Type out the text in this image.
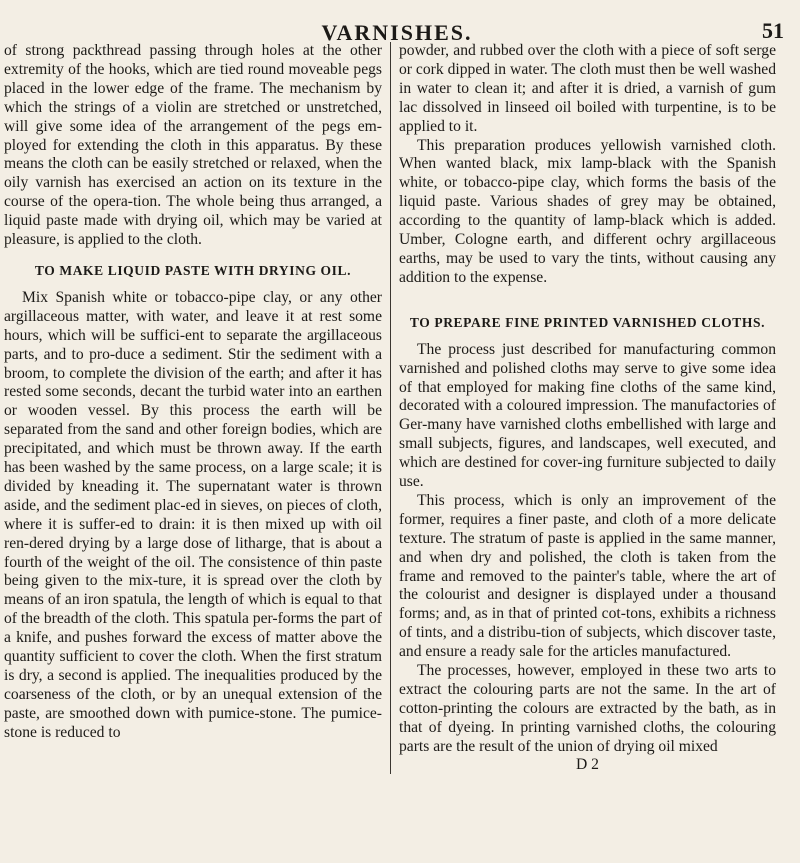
VARNISHES.	51

of strong packthread passing through holes at the other extremity of the hooks, which are tied round moveable pegs placed in the lower edge of the frame. The mechanism by which the strings of a violin are stretched or unstretched, will give some idea of the arrangement of the pegs em-ployed for extending the cloth in this apparatus. By these means the cloth can be easily stretched or relaxed, when the oily varnish has exercised an action on its texture in the course of the opera-tion. The whole being thus arranged, a liquid paste made with drying oil, which may be varied at pleasure, is applied to the cloth.

TO MAKE LIQUID PASTE WITH DRYING OIL.

Mix Spanish white or tobacco-pipe clay, or any other argillaceous matter, with water, and leave it at rest some hours, which will be suffici-ent to separate the argillaceous parts, and to pro-duce a sediment. Stir the sediment with a broom, to complete the division of the earth; and after it has rested some seconds, decant the turbid water into an earthen or wooden vessel. By this process the earth will be separated from the sand and other foreign bodies, which are precipitated, and which must be thrown away. If the earth has been washed by the same process, on a large scale; it is divided by kneading it. The supernatant water is thrown aside, and the sediment plac-ed in sieves, on pieces of cloth, where it is suffer-ed to drain: it is then mixed up with oil ren-dered drying by a large dose of litharge, that is about a fourth of the weight of the oil. The consistence of thin paste being given to the mix-ture, it is spread over the cloth by means of an iron spatula, the length of which is equal to that of the breadth of the cloth. This spatula per-forms the part of a knife, and pushes forward the excess of matter above the quantity sufficient to cover the cloth. When the first stratum is dry, a second is applied. The inequalities produced by the coarseness of the cloth, or by an unequal extension of the paste, are smoothed down with pumice-stone. The pumice-stone is reduced to

powder, and rubbed over the cloth with a piece of soft serge or cork dipped in water. The cloth must then be well washed in water to clean it; and after it is dried, a varnish of gum lac dissolved in linseed oil boiled with turpentine, is to be applied to it.

This preparation produces yellowish varnished cloth. When wanted black, mix lamp-black with the Spanish white, or tobacco-pipe clay, which forms the basis of the liquid paste. Various shades of grey may be obtained, according to the quantity of lamp-black which is added. Umber, Cologne earth, and different ochry argillaceous earths, may be used to vary the tints, without causing any addition to the expense.

TO PREPARE FINE PRINTED VARNISHED CLOTHS.

The process just described for manufacturing common varnished and polished cloths may serve to give some idea of that employed for making fine cloths of the same kind, decorated with a coloured impression. The manufactories of Ger-many have varnished cloths embellished with large and small subjects, figures, and landscapes, well executed, and which are destined for cover-ing furniture subjected to daily use.

This process, which is only an improvement of the former, requires a finer paste, and cloth of a more delicate texture. The stratum of paste is applied in the same manner, and when dry and polished, the cloth is taken from the frame and removed to the painter's table, where the art of the colourist and designer is displayed under a thousand forms; and, as in that of printed cot-tons, exhibits a richness of tints, and a distribu-tion of subjects, which discover taste, and ensure a ready sale for the articles manufactured.

The processes, however, employed in these two arts to extract the colouring parts are not the same. In the art of cotton-printing the colours are extracted by the bath, as in that of dyeing. In printing varnished cloths, the colouring parts are the result of the union of drying oil mixed

D 2
